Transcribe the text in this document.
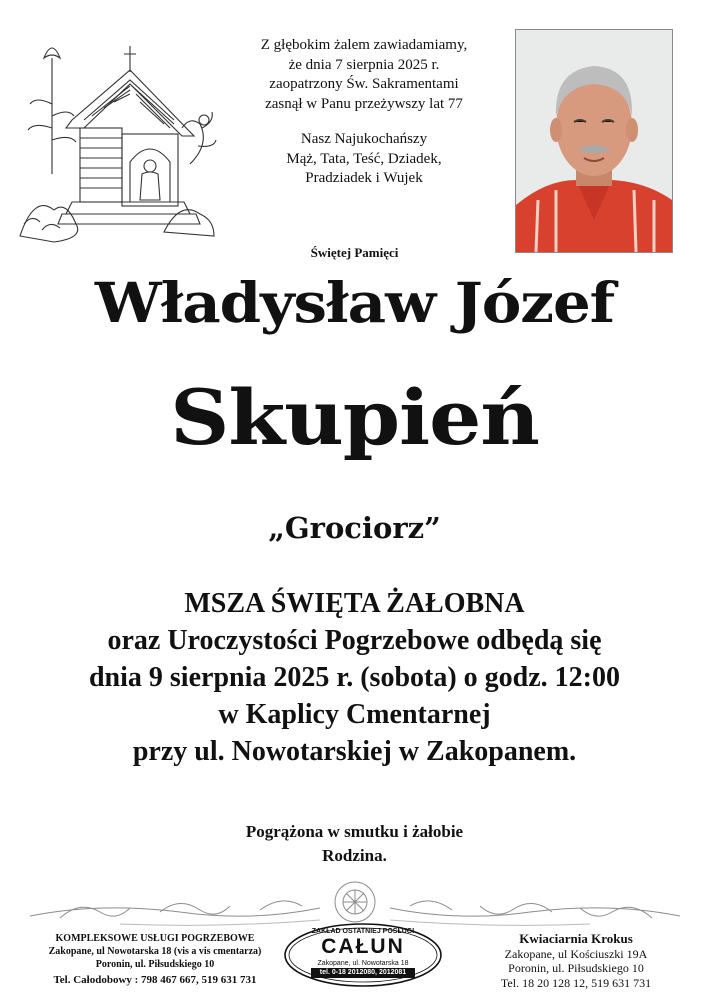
Z głębokim żalem zawiadamiamy,

że dnia 7 sierpnia 2025 r.

zaopatrzony Św. Sakramentami

zasnął w Panu przeżywszy lat 77

Nasz Najukochańszy

Mąż, Tata, Teść, Dziadek,

Pradziadek i Wujek

Świętej Pamięci
Władysław Józef
Skupień
„Grociorz”

MSZA ŚWIĘTA ŻAŁOBNA

oraz Uroczystości Pogrzebowe odbędą się

dnia 9 sierpnia 2025 r. (sobota) o godz. 12:00

w Kaplicy Cmentarnej

przy ul. Nowotarskiej w Zakopanem.

Pogrążona w smutku i żałobie

Rodzina.

KOMPLEKSOWE USŁUGI POGRZEBOWE

Zakopane, ul Nowotarska 18 (vis a vis cmentarza)

Poronin, ul. Piłsudskiego 10

Tel. Całodobowy : 798 467 667, 519 631 731

ZAKŁAD OSTATNIEJ POSŁUGI
CAŁUN
Zakopane, ul. Nowotarska 18
tel. 0-18 2012080, 2012081

Kwiaciarnia Krokus

Zakopane, ul Kościuszki 19A

Poronin, ul. Piłsudskiego 10

Tel. 18 20 128 12, 519 631 731
